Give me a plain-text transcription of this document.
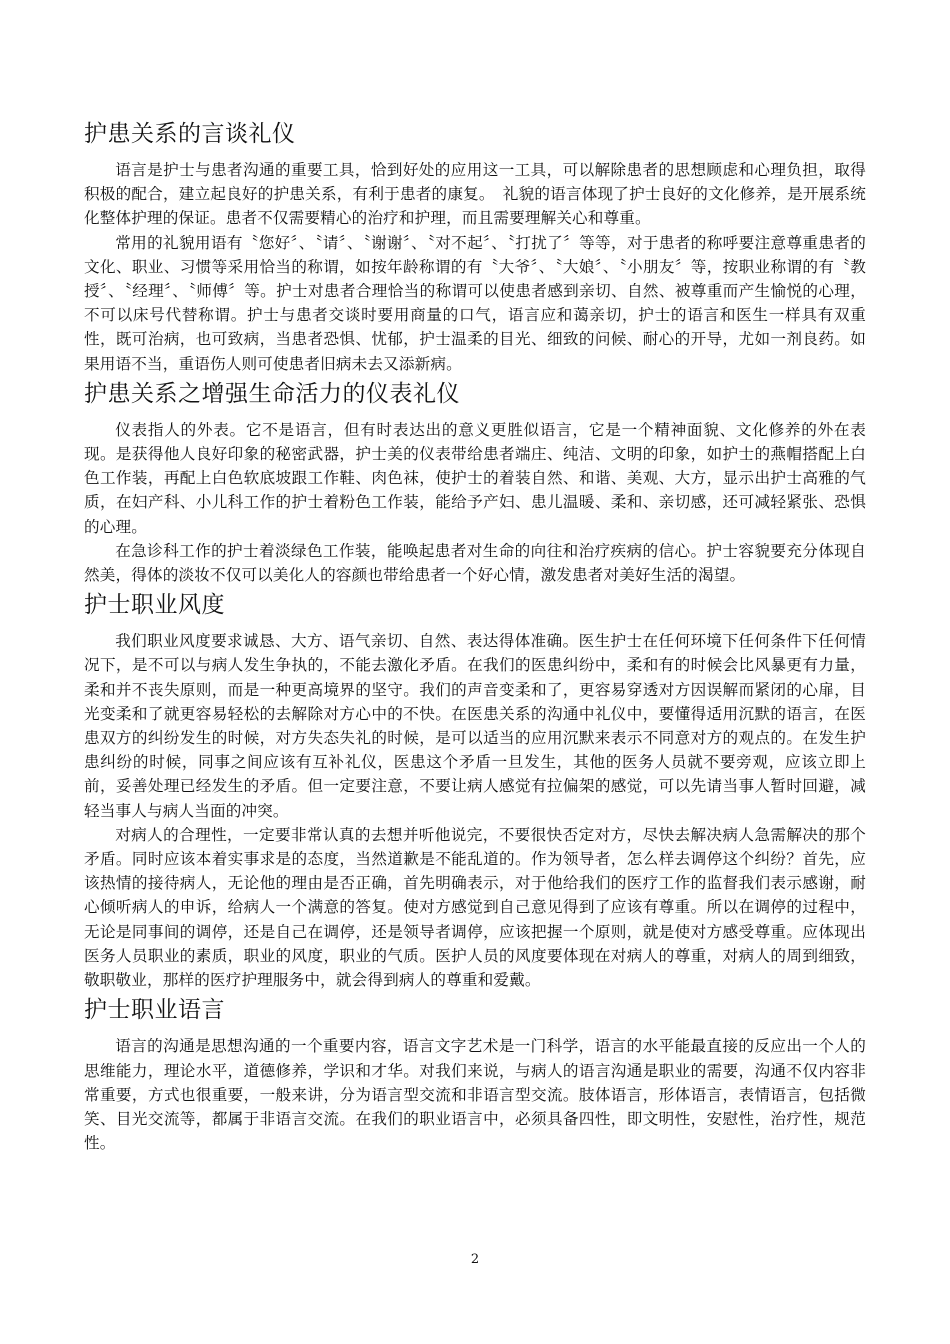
护患关系的言谈礼仪

语言是护士与患者沟通的重要工具，恰到好处的应用这一工具，可以解除患者的思想顾虑和心理负担，取得积极的配合，建立起良好的护患关系，有利于患者的康复。　礼貌的语言体现了护士良好的文化修养，是开展系统化整体护理的保证。患者不仅需要精心的治疗和护理，而且需要理解关心和尊重。

常用的礼貌用语有〝您好〞、〝请〞、〝谢谢〞、〝对不起〞、〝打扰了〞等等，对于患者的称呼要注意尊重患者的文化、职业、习惯等采用恰当的称谓，如按年龄称谓的有〝大爷〞、〝大娘〞、〝小朋友〞等，按职业称谓的有〝教授〞、〝经理〞、〝师傅〞等。护士对患者合理恰当的称谓可以使患者感到亲切、自然、被尊重而产生愉悦的心理，不可以床号代替称谓。护士与患者交谈时要用商量的口气，语言应和蔼亲切，护士的语言和医生一样具有双重性，既可治病，也可致病，当患者恐惧、忧郁，护士温柔的目光、细致的问候、耐心的开导，尤如一剂良药。如果用语不当，重语伤人则可使患者旧病未去又添新病。

护患关系之增强生命活力的仪表礼仪

仪表指人的外表。它不是语言，但有时表达出的意义更胜似语言，它是一个精神面貌、文化修养的外在表现。是获得他人良好印象的秘密武器，护士美的仪表带给患者端庄、纯洁、文明的印象，如护士的燕帽搭配上白色工作装，再配上白色软底坡跟工作鞋、肉色袜，使护士的着装自然、和谐、美观、大方，显示出护士高雅的气质，在妇产科、小儿科工作的护士着粉色工作装，能给予产妇、患儿温暖、柔和、亲切感，还可减轻紧张、恐惧的心理。

在急诊科工作的护士着淡绿色工作装，能唤起患者对生命的向往和治疗疾病的信心。护士容貌要充分体现自然美，得体的淡妆不仅可以美化人的容颜也带给患者一个好心情，激发患者对美好生活的渴望。

护士职业风度

我们职业风度要求诚恳、大方、语气亲切、自然、表达得体准确。医生护士在任何环境下任何条件下任何情况下，是不可以与病人发生争执的，不能去激化矛盾。在我们的医患纠纷中，柔和有的时候会比风暴更有力量，柔和并不丧失原则，而是一种更高境界的坚守。我们的声音变柔和了，更容易穿透对方因误解而紧闭的心扉，目光变柔和了就更容易轻松的去解除对方心中的不快。在医患关系的沟通中礼仪中，要懂得适用沉默的语言，在医患双方的纠纷发生的时候，对方失态失礼的时候，是可以适当的应用沉默来表示不同意对方的观点的。在发生护患纠纷的时候，同事之间应该有互补礼仪，医患这个矛盾一旦发生，其他的医务人员就不要旁观，应该立即上前，妥善处理已经发生的矛盾。但一定要注意，不要让病人感觉有拉偏架的感觉，可以先请当事人暂时回避，减轻当事人与病人当面的冲突。

对病人的合理性，一定要非常认真的去想并听他说完，不要很快否定对方，尽快去解决病人急需解决的那个矛盾。同时应该本着实事求是的态度，当然道歉是不能乱道的。作为领导者，怎么样去调停这个纠纷？首先，应该热情的接待病人，无论他的理由是否正确，首先明确表示，对于他给我们的医疗工作的监督我们表示感谢，耐心倾听病人的申诉，给病人一个满意的答复。使对方感觉到自己意见得到了应该有尊重。所以在调停的过程中，无论是同事间的调停，还是自己在调停，还是领导者调停，应该把握一个原则，就是使对方感受尊重。应体现出医务人员职业的素质，职业的风度，职业的气质。医护人员的风度要体现在对病人的尊重，对病人的周到细致，敬职敬业，那样的医疗护理服务中，就会得到病人的尊重和爱戴。

护士职业语言

语言的沟通是思想沟通的一个重要内容，语言文字艺术是一门科学，语言的水平能最直接的反应出一个人的思维能力，理论水平，道德修养，学识和才华。对我们来说，与病人的语言沟通是职业的需要，沟通不仅内容非常重要，方式也很重要，一般来讲，分为语言型交流和非语言型交流。肢体语言，形体语言，表情语言，包括微笑、目光交流等，都属于非语言交流。在我们的职业语言中，必须具备四性，即文明性，安慰性，治疗性，规范性。

2
